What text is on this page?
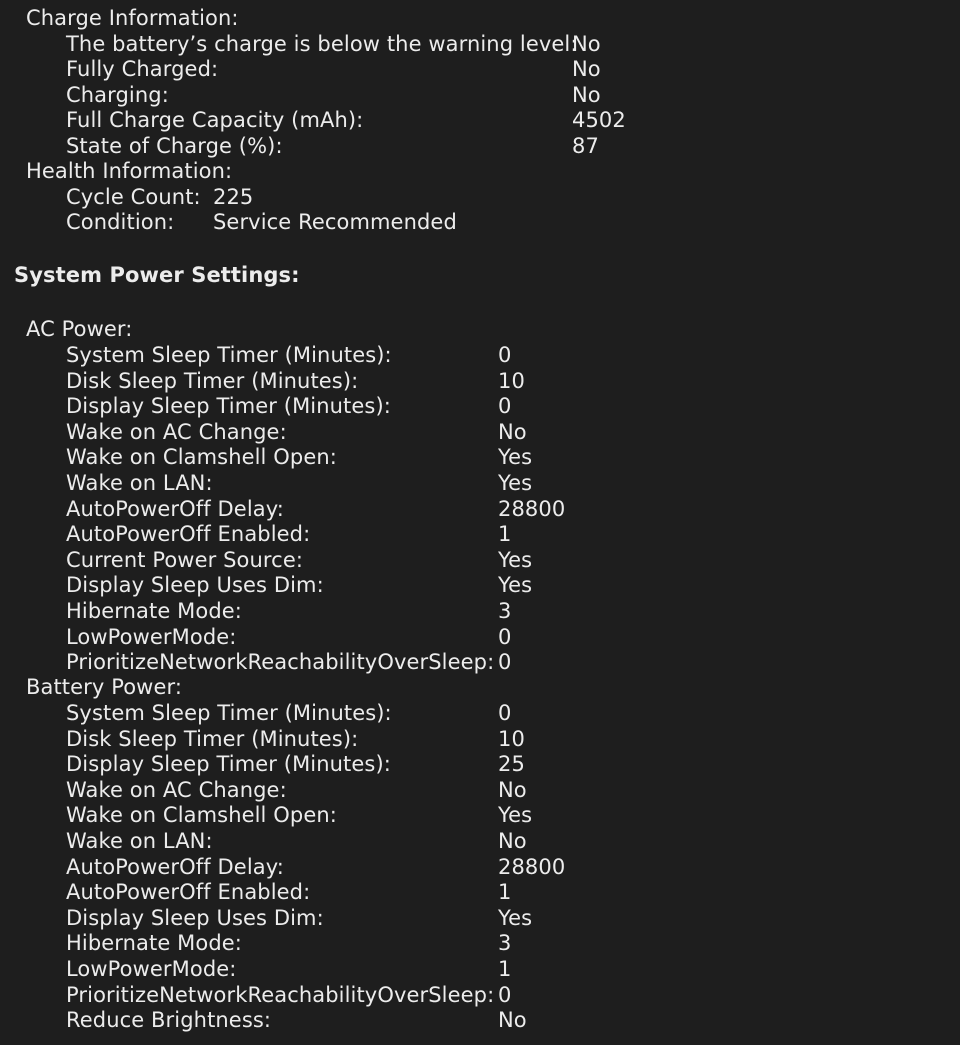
Charge Information:
The battery’s charge is below the warning level:
No
Fully Charged:	No
Charging:	No
Full Charge Capacity (mAh):	4502
State of Charge (%):	87
Health Information:
Cycle Count: 225
Condition: Service Recommended
System Power Settings:
AC Power:
System Sleep Timer (Minutes):	0
Disk Sleep Timer (Minutes):	10
Display Sleep Timer (Minutes):	0
Wake on AC Change:	No
Wake on Clamshell Open:	Yes
Wake on LAN:	Yes
AutoPowerOff Delay:	28800
AutoPowerOff Enabled:	1
Current Power Source:	Yes
Display Sleep Uses Dim:	Yes
Hibernate Mode:	3
LowPowerMode:	0
PrioritizeNetworkReachabilityOverSleep: 0
Battery Power:
System Sleep Timer (Minutes):	0
Disk Sleep Timer (Minutes):	10
Display Sleep Timer (Minutes):	25
Wake on AC Change:	No
Wake on Clamshell Open:	Yes
Wake on LAN:	No
AutoPowerOff Delay:	28800
AutoPowerOff Enabled:	1
Display Sleep Uses Dim:	Yes
Hibernate Mode:	3
LowPowerMode:	1
PrioritizeNetworkReachabilityOverSleep: 0
Reduce Brightness:	No
